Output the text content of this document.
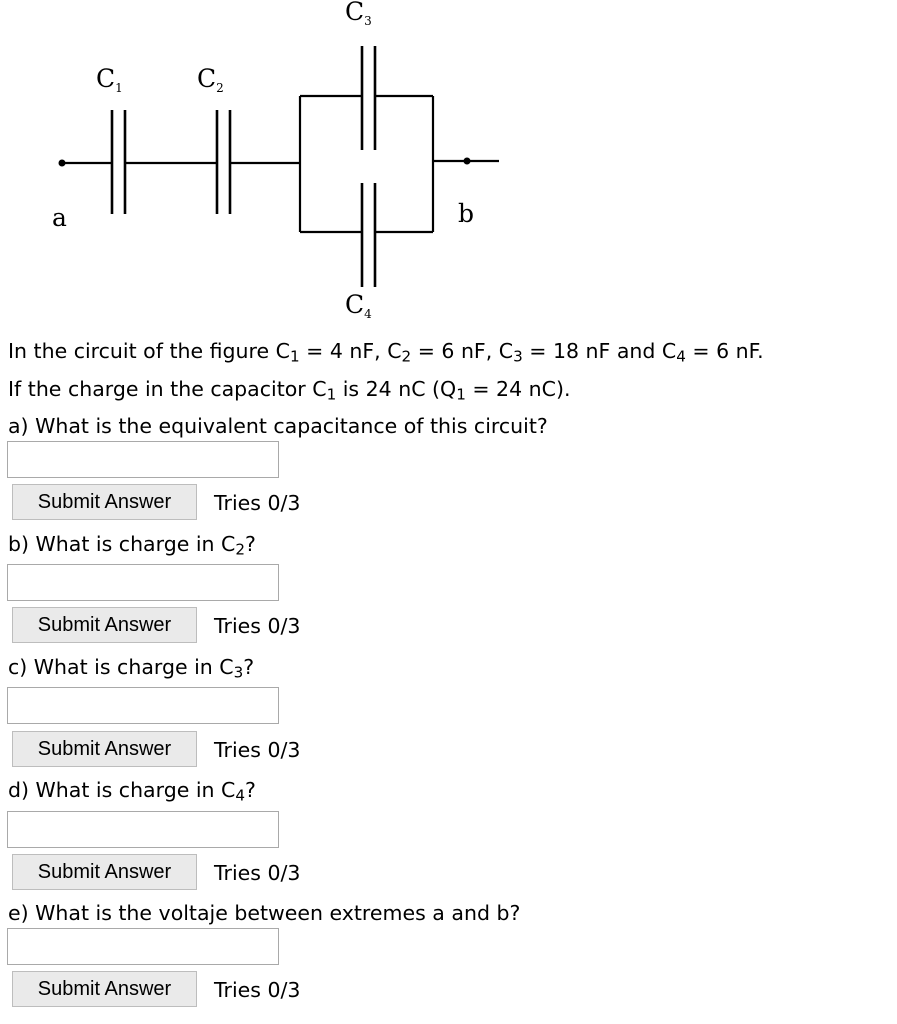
a	b
$C_1$	$C_2$
$C_3$
$C_4$
In the circuit of the figure $C_1 = 4$ nF, $C_2 = 6$ nF, $C_3 = 18$ nF and $C_4 = 6$ nF.
If the charge in the capacitor $C_1$ is 24 nC ($Q_1 = 24$ nC).
a) What is the equivalent capacitance of this circuit?
Submit Answer	Tries 0/3
b) What is charge in $C_2$?
Submit Answer	Tries 0/3
c) What is charge in $C_3$?
Submit Answer	Tries 0/3
d) What is charge in $C_4$?
Submit Answer	Tries 0/3
e) What is the voltaje between extremes a and b?
Submit Answer	Tries 0/3
